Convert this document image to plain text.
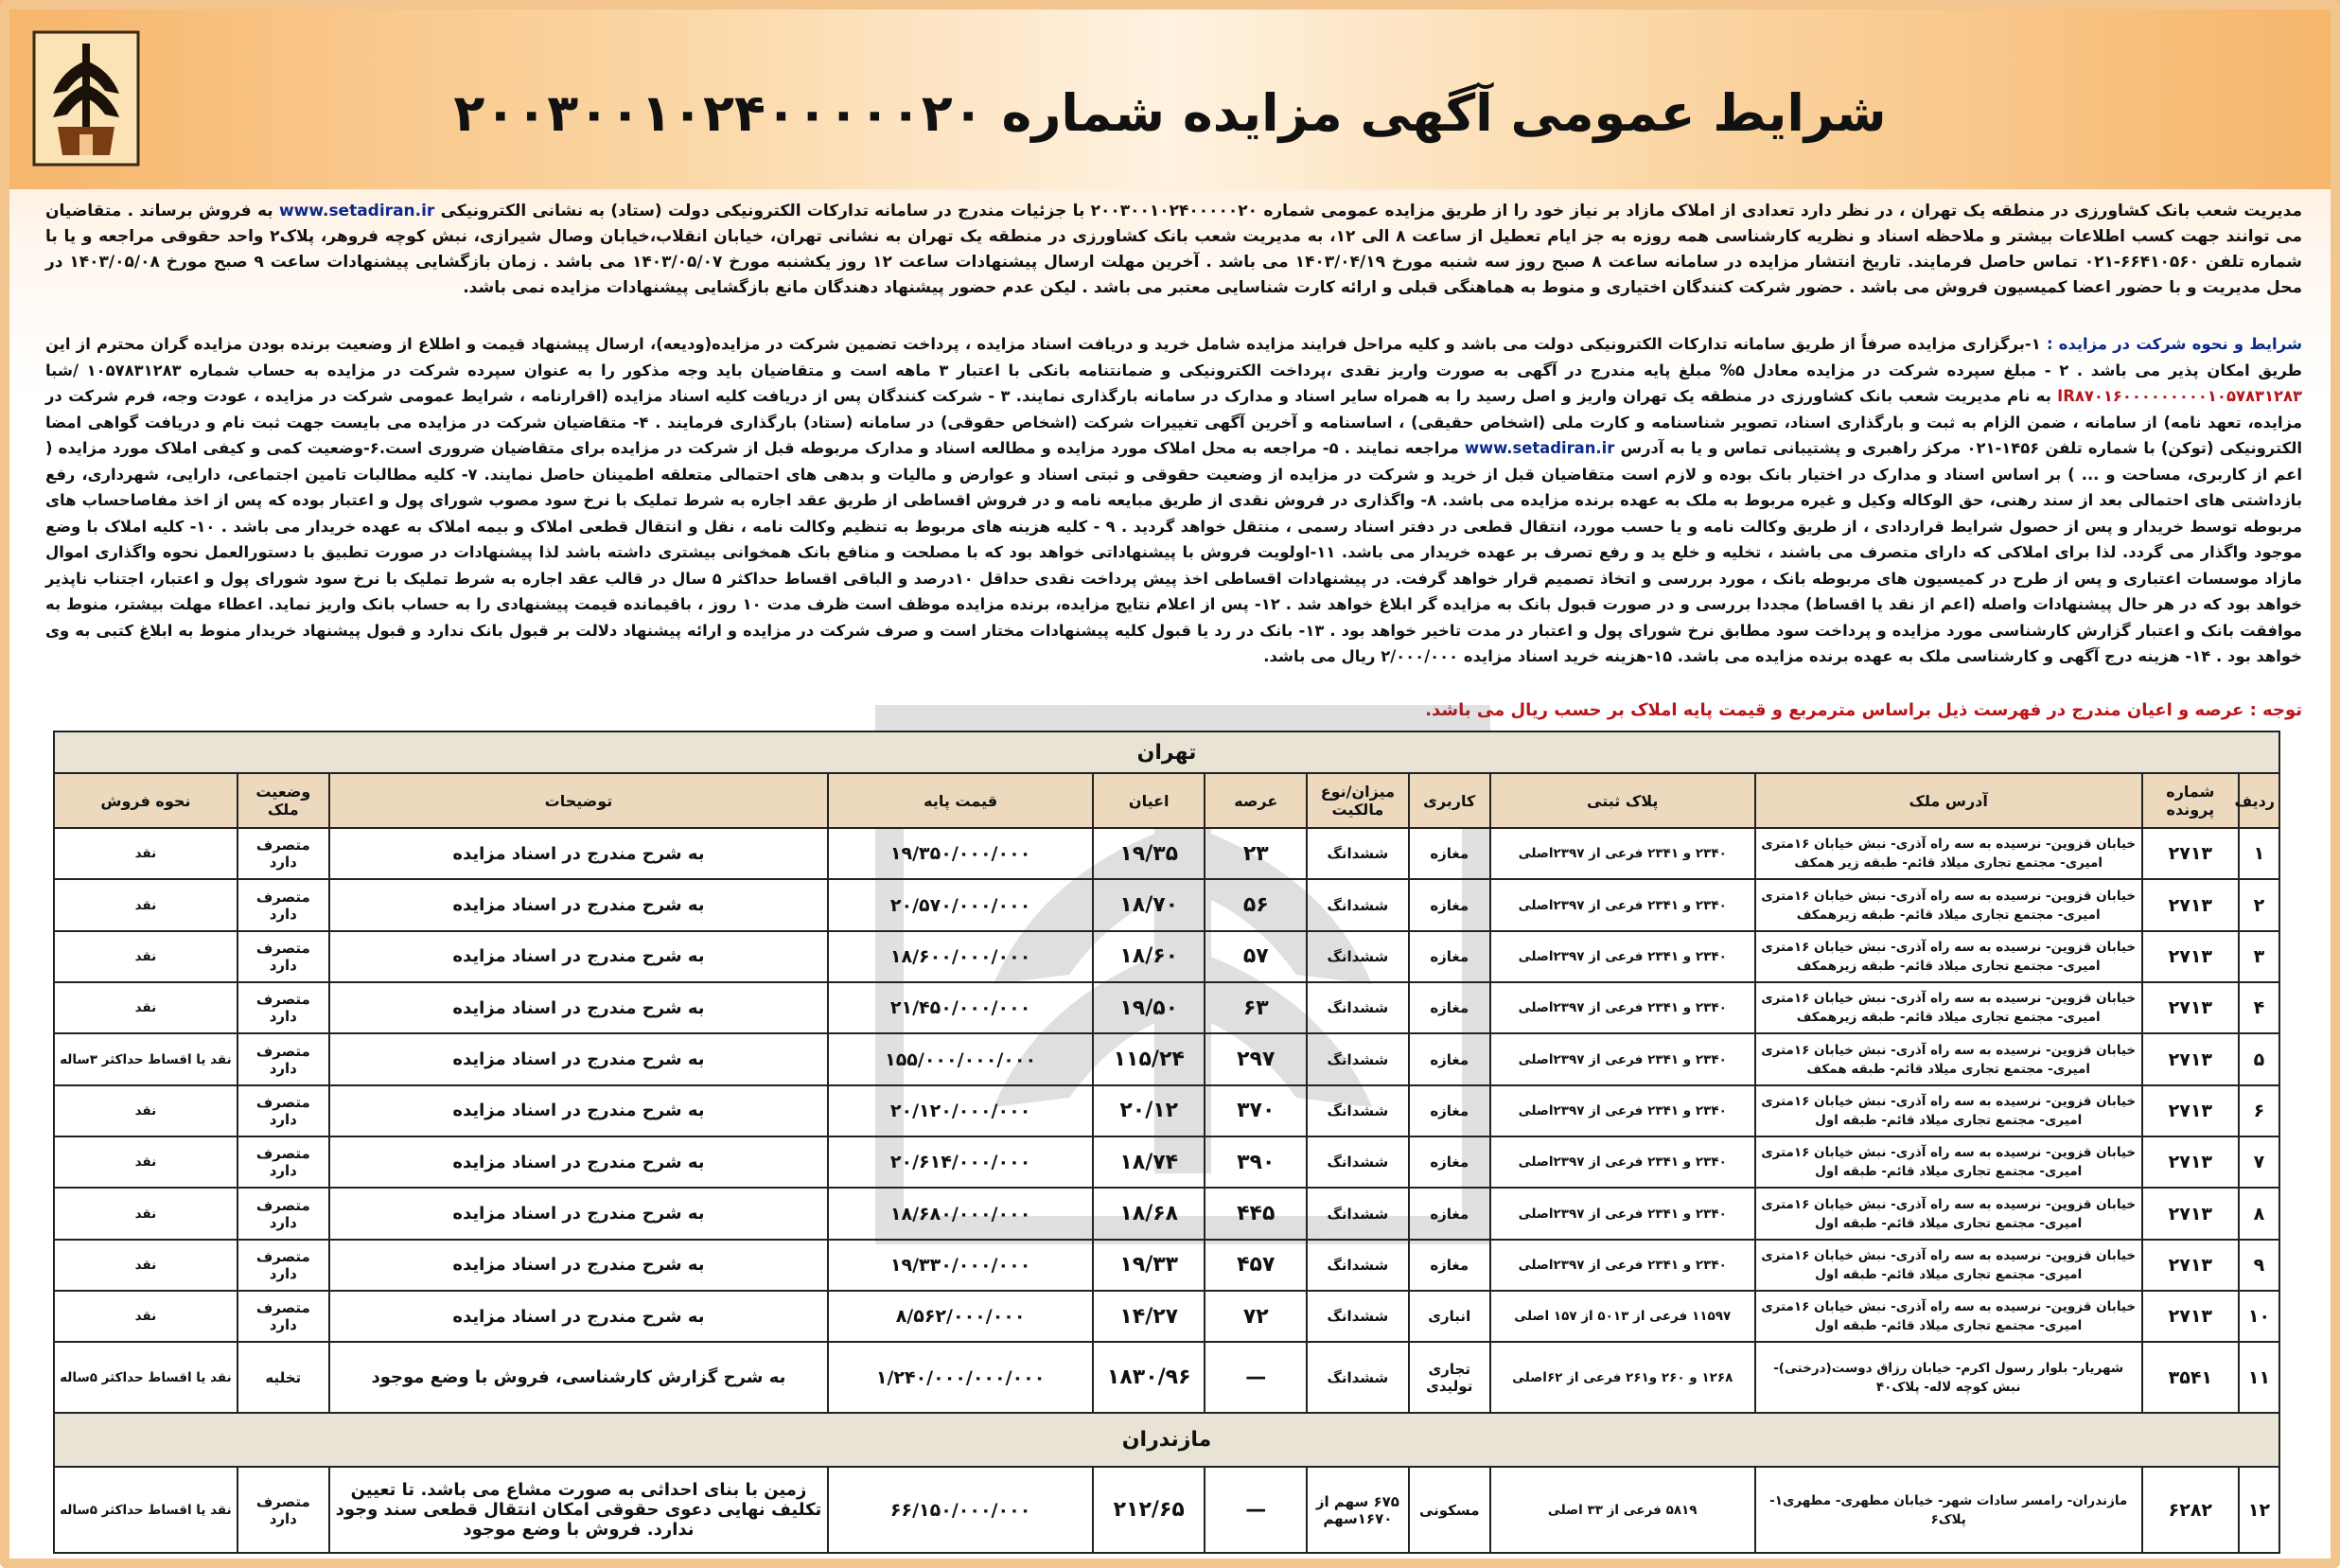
شرایط عمومی آگهی مزایده شماره ۲۰۰۳۰۰۱۰۲۴۰۰۰۰۰۲۰
مدیریت شعب بانک کشاورزی در منطقه یک تهران ، در نظر دارد تعدادی از املاک مازاد بر نیاز خود را از طریق مزایده عمومی شماره ۲۰۰۳۰۰۱۰۲۴۰۰۰۰۰۲۰ با جزئیات مندرج در سامانه تدارکات الکترونیکی دولت (ستاد) به نشانی الکترونیکی www.setadiran.ir به فروش برساند . متقاضیان می توانند جهت کسب اطلاعات بیشتر و ملاحظه اسناد و نظریه کارشناسی همه روزه به جز ایام تعطیل از ساعت ۸ الی ۱۲، به مدیریت شعب بانک کشاورزی در منطقه یک تهران به نشانی تهران، خیابان انقلاب،خیابان وصال شیرازی، نبش کوچه فروهر، پلاک۲ واحد حقوقی مراجعه و یا با شماره تلفن ۶۶۴۱۰۵۶۰-۰۲۱ تماس حاصل فرمایند. تاریخ انتشار مزایده در سامانه ساعت ۸ صبح روز سه شنبه مورخ ۱۴۰۳/۰۴/۱۹ می باشد . آخرین مهلت ارسال پیشنهادات ساعت ۱۲ روز یکشنبه مورخ ۱۴۰۳/۰۵/۰۷ می باشد . زمان بازگشایی پیشنهادات ساعت ۹ صبح مورخ ۱۴۰۳/۰۵/۰۸ در محل مدیریت و با حضور اعضا کمیسیون فروش می باشد . حضور شرکت کنندگان اختیاری و منوط به هماهنگی قبلی و ارائه کارت شناسایی معتبر می باشد . لیکن عدم حضور پیشنهاد دهندگان مانع بازگشایی پیشنهادات مزایده نمی باشد.
شرایط و نحوه شرکت در مزایده : ۱-برگزاری مزایده صرفاً از طریق سامانه تدارکات الکترونیکی دولت می باشد و کلیه مراحل فرایند مزایده شامل خرید و دریافت اسناد مزایده ، پرداخت تضمین شرکت در مزایده(ودیعه)، ارسال پیشنهاد قیمت و اطلاع از وضعیت برنده بودن مزایده گران محترم از این طریق امکان پذیر می باشد . ۲ - مبلغ سپرده شرکت در مزایده معادل ۵% مبلغ پایه مندرج در آگهی به صورت واریز نقدی ،پرداخت الکترونیکی و ضمانتنامه بانکی با اعتبار ۳ ماهه است و متقاضیان باید وجه مذکور را به عنوان سپرده شرکت در مزایده به حساب شماره ۱۰۵۷۸۳۱۲۸۳ /شبا IR۸۷۰۱۶۰۰۰۰۰۰۰۰۰۱۰۵۷۸۳۱۲۸۳ به نام مدیریت شعب بانک کشاورزی در منطقه یک تهران واریز و اصل رسید را به همراه سایر اسناد و مدارک در سامانه بارگذاری نمایند. ۳ - شرکت کنندگان پس از دریافت کلیه اسناد مزایده (اقرارنامه ، شرایط عمومی شرکت در مزایده ، عودت وجه، فرم شرکت در مزایده، تعهد نامه) از سامانه ، ضمن الزام به ثبت و بارگذاری اسناد، تصویر شناسنامه و کارت ملی (اشخاص حقیقی) ، اساسنامه و آخرین آگهی تغییرات شرکت (اشخاص حقوقی) در سامانه (ستاد) بارگذاری فرمایند . ۴- متقاضیان شرکت در مزایده می بایست جهت ثبت نام و دریافت گواهی امضا الکترونیکی (توکن) با شماره تلفن ۱۴۵۶-۰۲۱ مرکز راهبری و پشتیبانی تماس و یا به آدرس www.setadiran.ir مراجعه نمایند . ۵- مراجعه به محل املاک مورد مزایده و مطالعه اسناد و مدارک مربوطه قبل از شرکت در مزایده برای متقاضیان ضروری است.۶-وضعیت کمی و کیفی املاک مورد مزایده ( اعم از کاربری، مساحت و ... ) بر اساس اسناد و مدارک در اختیار بانک بوده و لازم است متقاضیان قبل از خرید و شرکت در مزایده از وضعیت حقوقی و ثبتی اسناد و عوارض و مالیات و بدهی های احتمالی متعلقه اطمینان حاصل نمایند. ۷- کلیه مطالبات تامین اجتماعی، دارایی، شهرداری، رفع بازداشتی های احتمالی بعد از سند رهنی، حق الوکاله وکیل و غیره مربوط به ملک به عهده برنده مزایده می باشد. ۸- واگذاری در فروش نقدی از طریق مبایعه نامه و در فروش اقساطی از طریق عقد اجاره به شرط تملیک با نرخ سود مصوب شورای پول و اعتبار بوده که پس از اخذ مفاصاحساب های مربوطه توسط خریدار و پس از حصول شرایط قراردادی ، از طریق وکالت نامه و یا حسب مورد، انتقال قطعی در دفتر اسناد رسمی ، منتقل خواهد گردید . ۹ - کلیه هزینه های مربوط به تنظیم وکالت نامه ، نقل و انتقال قطعی املاک و بیمه املاک به عهده خریدار می باشد . ۱۰- کلیه املاک با وضع موجود واگذار می گردد. لذا برای املاکی که دارای متصرف می باشند ، تخلیه و خلع ید و رفع تصرف بر عهده خریدار می باشد. ۱۱-اولویت فروش با پیشنهاداتی خواهد بود که با مصلحت و منافع بانک همخوانی بیشتری داشته باشد لذا پیشنهادات در صورت تطبیق با دستورالعمل نحوه واگذاری اموال مازاد موسسات اعتباری و پس از طرح در کمیسیون های مربوطه بانک ، مورد بررسی و اتخاذ تصمیم قرار خواهد گرفت. در پیشنهادات اقساطی اخذ پیش پرداخت نقدی حداقل ۱۰درصد و الباقی اقساط حداکثر ۵ سال در قالب عقد اجاره به شرط تملیک با نرخ سود شورای پول و اعتبار، اجتناب ناپذیر خواهد بود که در هر حال پیشنهادات واصله (اعم از نقد یا اقساط) مجددا بررسی و در صورت قبول بانک به مزایده گر ابلاغ خواهد شد . ۱۲- پس از اعلام نتایج مزایده، برنده مزایده موظف است ظرف مدت ۱۰ روز ، باقیمانده قیمت پیشنهادی را به حساب بانک واریز نماید. اعطاء مهلت بیشتر، منوط به موافقت بانک و اعتبار گزارش کارشناسی مورد مزایده و پرداخت سود مطابق نرخ شورای پول و اعتبار در مدت تاخیر خواهد بود . ۱۳- بانک در رد یا قبول کلیه پیشنهادات مختار است و صرف شرکت در مزایده و ارائه پیشنهاد دلالت بر قبول بانک ندارد و قبول پیشنهاد خریدار منوط به ابلاغ کتبی به وی خواهد بود . ۱۴- هزینه درج آگهی و کارشناسی ملک به عهده برنده مزایده می باشد. ۱۵-هزینه خرید اسناد مزایده ۲/۰۰۰/۰۰۰ ریال می باشد.
توجه : عرصه و اعیان مندرج در فهرست ذیل براساس مترمربع و قیمت پایه املاک بر حسب ریال می باشد.
تهران											
ردیف	شماره پرونده	آدرس ملک	پلاک ثبتی	کاربری	میزان/نوع مالکیت	عرصه	اعیان	قیمت پایه	توضیحات	وضعیت ملک	نحوه فروش
۱	۲۷۱۳	خیابان قزوین- نرسیده به سه راه آذری- نبش خیابان ۱۶متری امیری- مجتمع تجاری میلاد قائم- طبقه زیر همکف	۲۳۴۰ و ۲۳۴۱ فرعی از ۲۳۹۷اصلی	مغازه	ششدانگ	۲۳	۱۹/۳۵	۱۹/۳۵۰/۰۰۰/۰۰۰	به شرح مندرج در اسناد مزایده	متصرف دارد	نقد
۲	۲۷۱۳	خیابان قزوین- نرسیده به سه راه آذری- نبش خیابان ۱۶متری امیری- مجتمع تجاری میلاد قائم- طبقه زیرهمکف	۲۳۴۰ و ۲۳۴۱ فرعی از ۲۳۹۷اصلی	مغازه	ششدانگ	۵۶	۱۸/۷۰	۲۰/۵۷۰/۰۰۰/۰۰۰	به شرح مندرج در اسناد مزایده	متصرف دارد	نقد
۳	۲۷۱۳	خیابان قزوین- نرسیده به سه راه آذری- نبش خیابان ۱۶متری امیری- مجتمع تجاری میلاد قائم- طبقه زیرهمکف	۲۳۴۰ و ۲۳۴۱ فرعی از ۲۳۹۷اصلی	مغازه	ششدانگ	۵۷	۱۸/۶۰	۱۸/۶۰۰/۰۰۰/۰۰۰	به شرح مندرج در اسناد مزایده	متصرف دارد	نقد
۴	۲۷۱۳	خیابان قزوین- نرسیده به سه راه آذری- نبش خیابان ۱۶متری امیری- مجتمع تجاری میلاد قائم- طبقه زیرهمکف	۲۳۴۰ و ۲۳۴۱ فرعی از ۲۳۹۷اصلی	مغازه	ششدانگ	۶۳	۱۹/۵۰	۲۱/۴۵۰/۰۰۰/۰۰۰	به شرح مندرج در اسناد مزایده	متصرف دارد	نقد
۵	۲۷۱۳	خیابان قزوین- نرسیده به سه راه آذری- نبش خیابان ۱۶متری امیری- مجتمع تجاری میلاد قائم- طبقه همکف	۲۳۴۰ و ۲۳۴۱ فرعی از ۲۳۹۷اصلی	مغازه	ششدانگ	۲۹۷	۱۱۵/۲۴	۱۵۵/۰۰۰/۰۰۰/۰۰۰	به شرح مندرج در اسناد مزایده	متصرف دارد	نقد یا اقساط حداکثر ۳ساله
۶	۲۷۱۳	خیابان قزوین- نرسیده به سه راه آذری- نبش خیابان ۱۶متری امیری- مجتمع تجاری میلاد قائم- طبقه اول	۲۳۴۰ و ۲۳۴۱ فرعی از ۲۳۹۷اصلی	مغازه	ششدانگ	۳۷۰	۲۰/۱۲	۲۰/۱۲۰/۰۰۰/۰۰۰	به شرح مندرج در اسناد مزایده	متصرف دارد	نقد
۷	۲۷۱۳	خیابان قزوین- نرسیده به سه راه آذری- نبش خیابان ۱۶متری امیری- مجتمع تجاری میلاد قائم- طبقه اول	۲۳۴۰ و ۲۳۴۱ فرعی از ۲۳۹۷اصلی	مغازه	ششدانگ	۳۹۰	۱۸/۷۴	۲۰/۶۱۴/۰۰۰/۰۰۰	به شرح مندرج در اسناد مزایده	متصرف دارد	نقد
۸	۲۷۱۳	خیابان قزوین- نرسیده به سه راه آذری- نبش خیابان ۱۶متری امیری- مجتمع تجاری میلاد قائم- طبقه اول	۲۳۴۰ و ۲۳۴۱ فرعی از ۲۳۹۷اصلی	مغازه	ششدانگ	۴۴۵	۱۸/۶۸	۱۸/۶۸۰/۰۰۰/۰۰۰	به شرح مندرج در اسناد مزایده	متصرف دارد	نقد
۹	۲۷۱۳	خیابان قزوین- نرسیده به سه راه آذری- نبش خیابان ۱۶متری امیری- مجتمع تجاری میلاد قائم- طبقه اول	۲۳۴۰ و ۲۳۴۱ فرعی از ۲۳۹۷اصلی	مغازه	ششدانگ	۴۵۷	۱۹/۳۳	۱۹/۳۳۰/۰۰۰/۰۰۰	به شرح مندرج در اسناد مزایده	متصرف دارد	نقد
۱۰	۲۷۱۳	خیابان قزوین- نرسیده به سه راه آذری- نبش خیابان ۱۶متری امیری- مجتمع تجاری میلاد قائم- طبقه اول	۱۱۵۹۷ فرعی از ۵۰۱۳ از ۱۵۷ اصلی	انباری	ششدانگ	۷۲	۱۴/۲۷	۸/۵۶۲/۰۰۰/۰۰۰	به شرح مندرج در اسناد مزایده	متصرف دارد	نقد
۱۱	۳۵۴۱	شهریار- بلوار رسول اکرم- خیابان رزاق دوست(درختی)- نبش کوچه لاله- پلاک۴۰	۱۲۶۸ و ۲۶۰ و۲۶۱ فرعی از ۶۲اصلی	تجاری تولیدی	ششدانگ	—	۱۸۳۰/۹۶	۱/۲۴۰/۰۰۰/۰۰۰/۰۰۰	به شرح گزارش کارشناسی، فروش با وضع موجود	تخلیه	نقد یا اقساط حداکثر ۵ساله
مازندران											
۱۲	۶۲۸۲	مازندران- رامسر سادات شهر- خیابان مطهری- مطهری۱- پلاک۶	۵۸۱۹ فرعی از ۳۳ اصلی	مسکونی	۶۷۵ سهم از ۱۶۷۰سهم	—	۲۱۲/۶۵	۶۶/۱۵۰/۰۰۰/۰۰۰	زمین با بنای احداثی به صورت مشاع می باشد. تا تعیین تکلیف نهایی دعوی حقوقی امکان انتقال قطعی سند وجود ندارد. فروش با وضع موجود	متصرف دارد	نقد یا اقساط حداکثر ۵ساله
